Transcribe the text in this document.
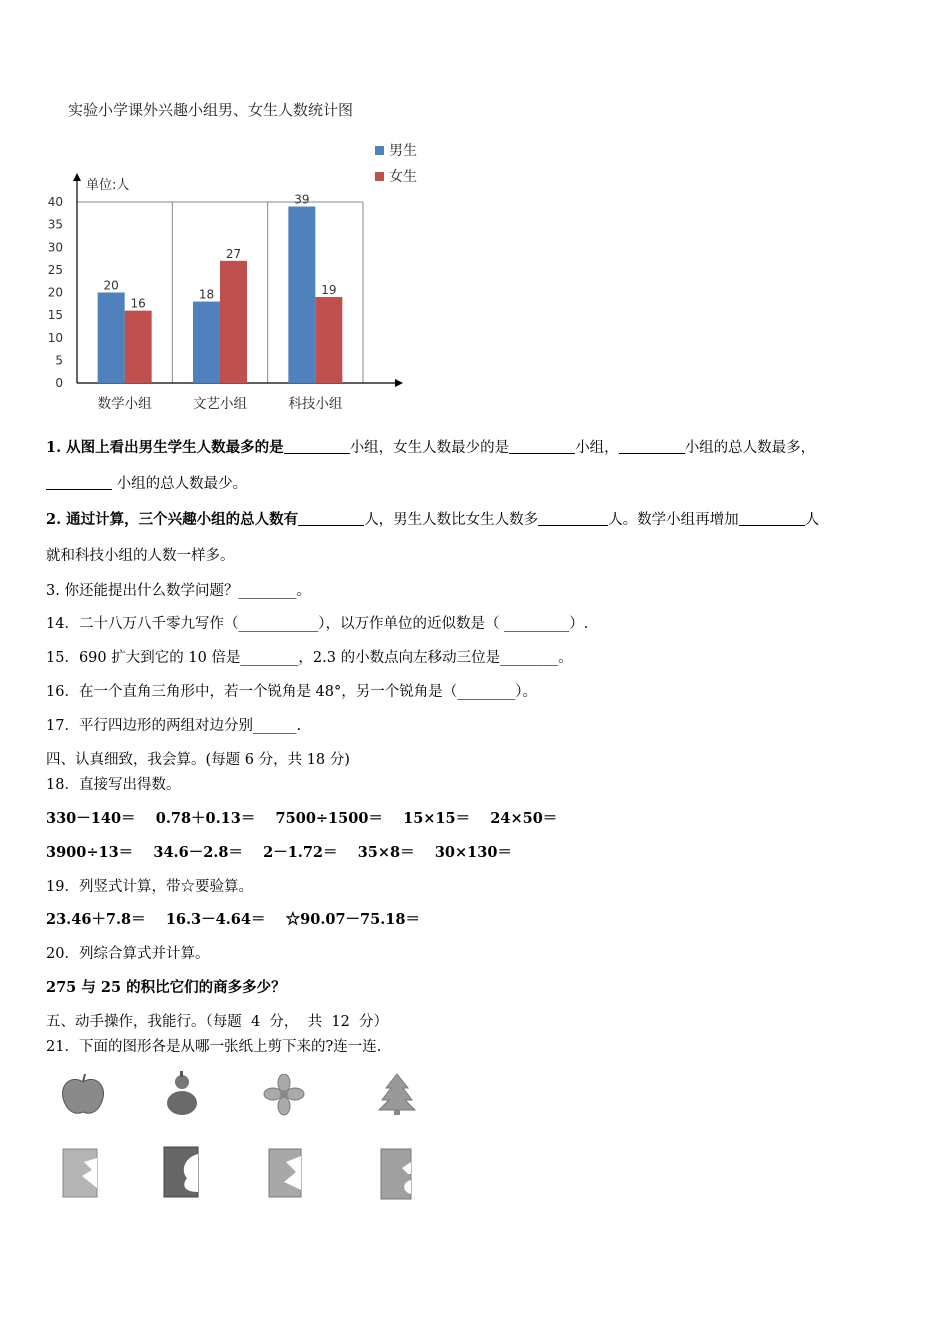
实验小学课外兴趣小组男、女生人数统计图
0
5
10
15
20
25
30
35
40
单位:人
20
16
数学小组
18
27
文艺小组
39
19
科技小组
男生
女生
1. 从图上看出男生学生人数最多的是	小组，女生人数最少的是	小组，	小组的总人数最多，
小组的总人数最少。
2. 通过计算，三个兴趣小组的总人数有	人，男生人数比女生人数多	人。数学小组再增加	人
就和科技小组的人数一样多。
3. 你还能提出什么数学问题？________。
14．二十八万八千零九写作（___________），以万作单位的近似数是（ _________）.
15．690 扩大到它的 10 倍是________，2.3 的小数点向左移动三位是________。
16．在一个直角三角形中，若一个锐角是 48°，另一个锐角是（________）。
17．平行四边形的两组对边分别______.
四、认真细致，我会算。(每题 6 分，共 18 分)
18．直接写出得数。
330－140＝    0.78＋0.13＝    7500÷1500＝    15×15＝    24×50＝
3900÷13＝    34.6－2.8＝    2－1.72＝    35×8＝    30×130＝
19．列竖式计算，带☆要验算。
23.46＋7.8＝    16.3－4.64＝    ☆90.07－75.18＝
20．列综合算式并计算。
275 与 25 的积比它们的商多多少？
五、动手操作，我能行。（每题  4  分，  共  12  分）
21．下面的图形各是从哪一张纸上剪下来的?连一连.
